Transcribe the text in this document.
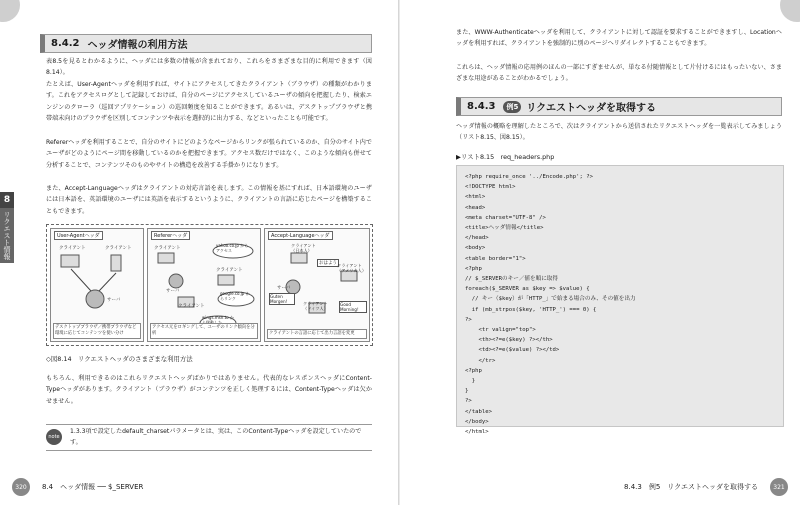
8.4.2 ヘッダ情報の利用方法

表8.5を見るとわかるように、ヘッダには多数の情報が含まれており、これらをさまざまな目的に利用できます（図8.14）。

たとえば、User-Agentヘッダを利用すれば、サイトにアクセスしてきたクライアント（ブラウザ）の種類がわかります。これをアクセスログとして記録しておけば、自分のページにアクセスしているユーザの傾向を把握したり、検索エンジンのクローラ（巡回アプリケーション）の巡回頻度を知ることができます。あるいは、デスクトップブラウザと携帯端末向けのブラウザを区別してコンテンツや表示を選択的に出力する、などといったことも可能です。

Refererヘッダを利用することで、自分のサイトにどのようなページからリンクが張られているのか、自分のサイト内でユーザがどのようにページ間を移動しているのかを把握できます。アクセス数だけではなく、このような傾向も併せて分析することで、コンテンツそのものやサイトの構造を改善する手掛かりになります。

また、Accept-Languageヘッダはクライアントの対応言語を表します。この情報を基にすれば、日本語環境のユーザには日本語を、英語環境のユーザには英語を表示するというように、クライアントの言語に応じたページを構築することもできます。

8
リクエスト情報	User-Agentヘッダ
クライアント	クライアント
サーバ
デスクトップブラウザ／携帯ブラウザなど環境に応じてコンテンツを使い分け
Refererヘッダ
クライアント
yahoo.co.jp からアクセス
クライアント
サーバ
クライアント
google.co.jp からリンク
wings.msn.to か
アクセス元をロギングして、ユーザのリンク傾向を分析
Accept-Languageヘッダ
クライアント（日本人）
おはよう クライアント（アメリカ人）
サーバ
Guten Morgen!	クライアント（ドイツ人）
Good Morning!
クライアントの言語に応じて出力言語を変更
◇図8.14　リクエストヘッダのさまざまな利用方法

もちろん、利用できるのはこれらリクエストヘッダばかりではありません。代表的なレスポンスヘッダにContent-Typeヘッダがあります。クライアント（ブラウザ）がコンテンツを正しく処理するには、Content-Typeヘッダは欠かせません。

note

1.3.3項で設定したdefault_charsetパラメータとは、実は、このContent-Typeヘッダを設定していたのです。

320	8.4　ヘッダ情報 ── $_SERVER

また、WWW-Authenticateヘッダを利用して、クライアントに対して認証を要求することができますし、Locationヘッダを利用すれば、クライアントを強制的に別のページへリダイレクトすることもできます。

これらは、ヘッダ情報の応用例のほんの一部にすぎませんが、単なる付随情報として片付けるにはもったいない、さまざまな用途があることがわかるでしょう。

8.4.3	例5 リクエストヘッダを取得する

ヘッダ情報の概略を理解したところで、次はクライアントから送信されたリクエストヘッダを一覧表示してみましょう（リスト8.15、図8.15）。

▶リスト8.15　req_headers.php
<?php require_once '../Encode.php'; ?>
<!DOCTYPE html>
<html>
<head>
<meta charset="UTF-8" />
<title>ヘッダ情報</title>
</head>
<body>
<table border="1">
<?php
// $_SERVERのキー／値を順に取得
foreach($_SERVER as $key => $value) {
// キー（$key）が「HTTP_」で始まる場合のみ、その値を出力
if (mb_strpos($key, 'HTTP_') === 0) {
?>
<tr valign="top">
<th><?=e($key) ?></th>
<td><?=e($value) ?></td>
</tr>
<?php
}
}
?>
</table>
</body>
</html>
8.4.3　例5　リクエストヘッダを取得する	321
